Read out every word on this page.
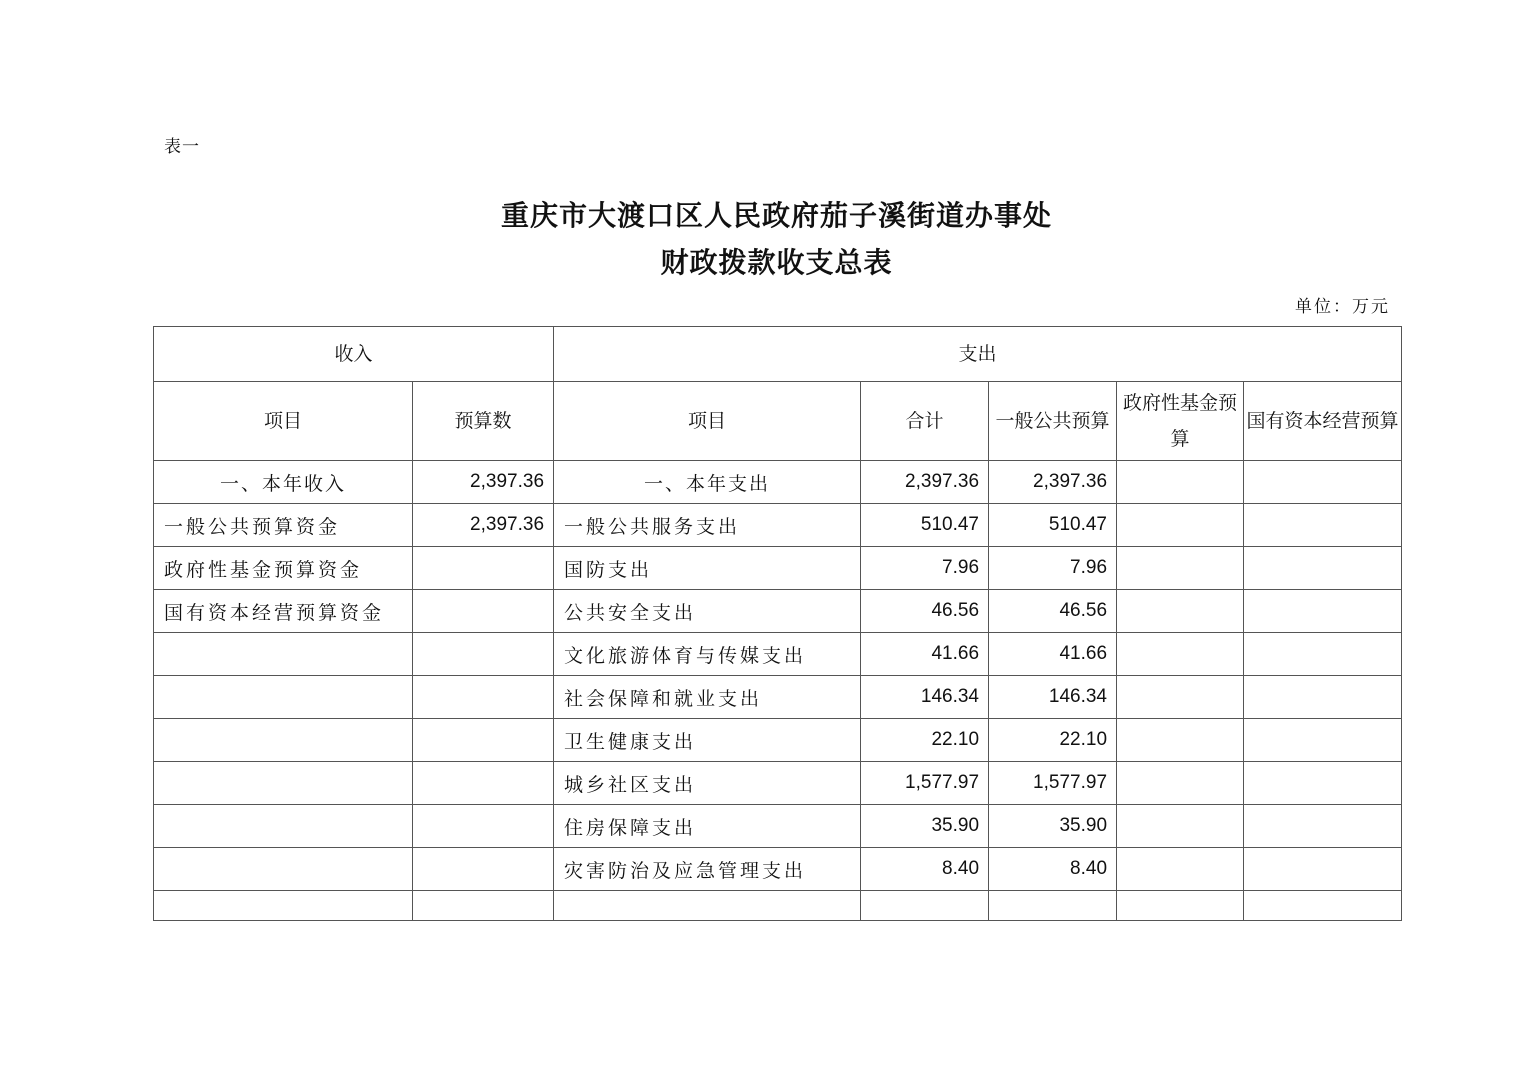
表一
重庆市大渡口区人民政府茄子溪街道办事处
财政拨款收支总表
单位：万元
收入		支出				
项目	预算数	项目	合计	一般公共预算	政府性基金预算	国有资本经营预算
一、本年收入	2,397.36	一、本年支出	2,397.36	2,397.36		
一般公共预算资金	2,397.36	一般公共服务支出	510.47	510.47		
政府性基金预算资金		国防支出	7.96	7.96		
国有资本经营预算资金		公共安全支出	46.56	46.56		
		文化旅游体育与传媒支出	41.66	41.66		
		社会保障和就业支出	146.34	146.34		
		卫生健康支出	22.10	22.10		
		城乡社区支出	1,577.97	1,577.97		
		住房保障支出	35.90	35.90		
		灾害防治及应急管理支出	8.40	8.40		
